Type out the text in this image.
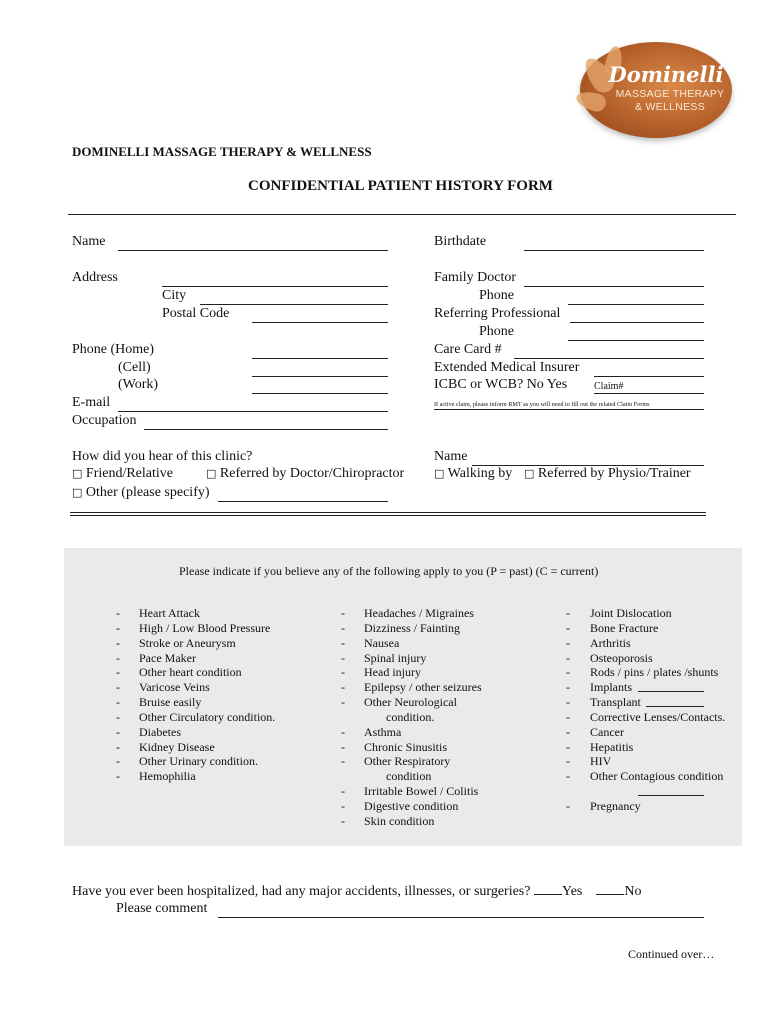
Dominelli
MASSAGE THERAPY
& WELLNESS
DOMINELLI MASSAGE THERAPY & WELLNESS
CONFIDENTIAL PATIENT HISTORY FORM
Name
Address
City
Postal Code
Phone (Home)
(Cell)
(Work)
E-mail
Occupation
Birthdate
Family Doctor
Phone
Referring Professional
Phone
Care Card #
Extended Medical Insurer
ICBC or WCB? No Yes	Claim#
If active claim, please inform RMT as you will need to fill out the related Claim Forms
How did you hear of this clinic?
□ Friend/Relative	□ Referred by Doctor/Chiropractor
□ Other (please specify)
Name
□ Walking by □ Referred by Physio/Trainer
Please indicate if you believe any of the following apply to you (P = past) (C = current)
- Heart Attack
- High / Low Blood Pressure
- Stroke or Aneurysm
- Pace Maker
- Other heart condition
- Varicose Veins
- Bruise easily
- Other Circulatory condition.
- Diabetes
- Kidney Disease
- Other Urinary condition.
- Hemophilia
- Headaches / Migraines
- Dizziness / Fainting
- Nausea
- Spinal injury
- Head injury
- Epilepsy / other seizures
- Other Neurological
condition.
- Asthma
- Chronic Sinusitis
- Other Respiratory
condition
- Irritable Bowel / Colitis
- Digestive condition
- Skin condition
- Joint Dislocation
- Bone Fracture
- Arthritis
- Osteoporosis
- Rods / pins / plates /shunts
- Implants
- Transplant
- Corrective Lenses/Contacts.
- Cancer
- Hepatitis
- HIV
- Other Contagious condition
- Pregnancy
Have you ever been hospitalized, had any major accidents, illnesses, or surgeries? Yes	No
Please comment
Continued over…
